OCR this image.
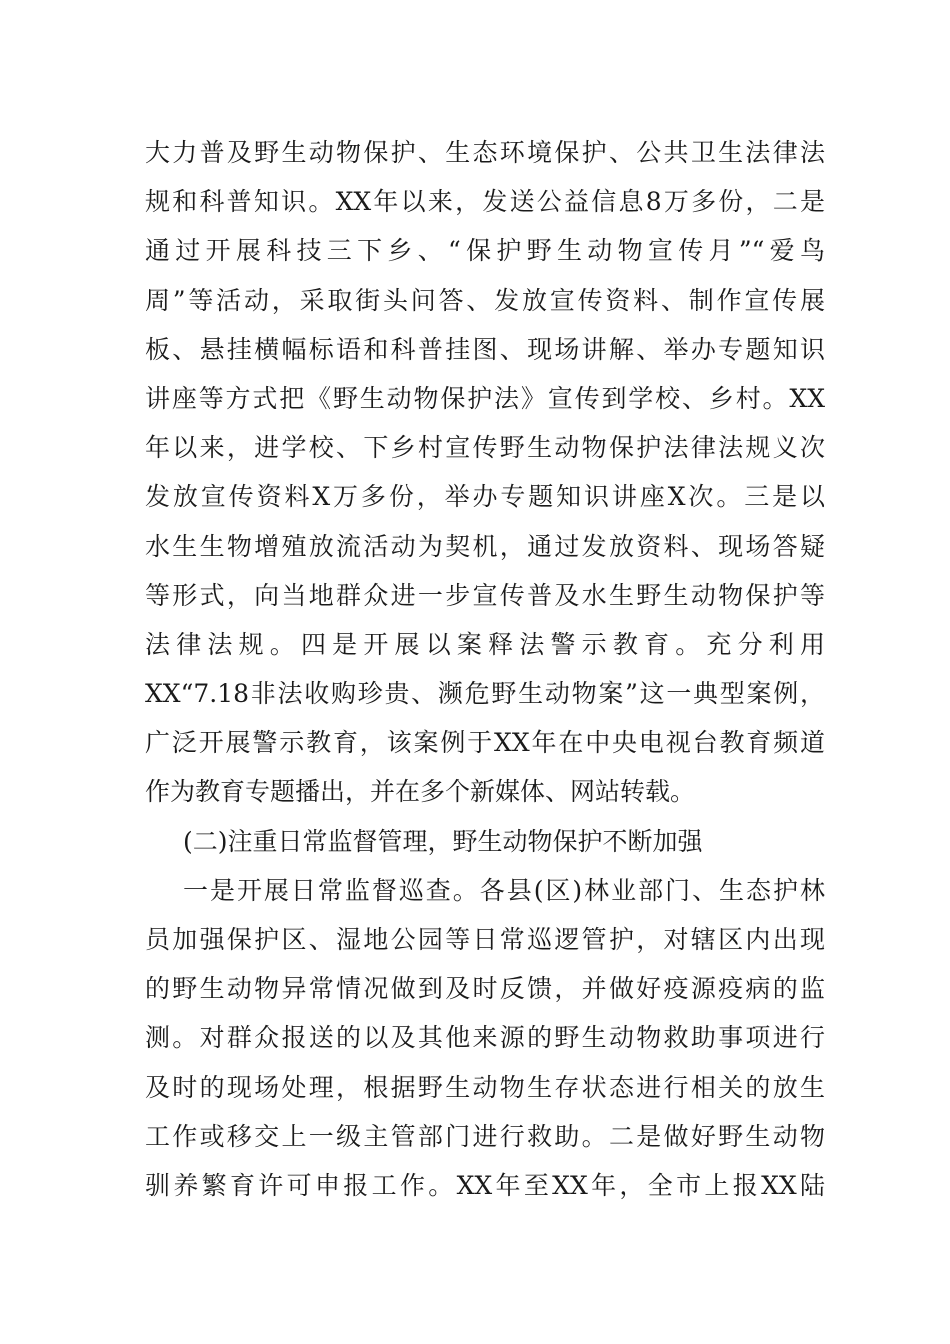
大力普及野生动物保护、生态环境保护、公共卫生法律法
规和科普知识。XX年以来，发送公益信息8万多份，二是
通过开展科技三下乡、“保护野生动物宣传月”“爱鸟
周”等活动，采取街头问答、发放宣传资料、制作宣传展
板、悬挂横幅标语和科普挂图、现场讲解、举办专题知识
讲座等方式把《野生动物保护法》宣传到学校、乡村。XX
年以来，进学校、下乡村宣传野生动物保护法律法规义次
发放宣传资料X万多份，举办专题知识讲座X次。三是以
水生生物增殖放流活动为契机，通过发放资料、现场答疑
等形式，向当地群众进一步宣传普及水生野生动物保护等
法律法规。四是开展以案释法警示教育。充分利用
XX“7.18非法收购珍贵、濒危野生动物案”这一典型案例，
广泛开展警示教育，该案例于XX年在中央电视台教育频道
作为教育专题播出，并在多个新媒体、网站转载。
(二)注重日常监督管理，野生动物保护不断加强
一是开展日常监督巡查。各县(区)林业部门、生态护林
员加强保护区、湿地公园等日常巡逻管护，对辖区内出现
的野生动物异常情况做到及时反馈，并做好疫源疫病的监
测。对群众报送的以及其他来源的野生动物救助事项进行
及时的现场处理，根据野生动物生存状态进行相关的放生
工作或移交上一级主管部门进行救助。二是做好野生动物
驯养繁育许可申报工作。XX年至XX年，全市上报XX陆
